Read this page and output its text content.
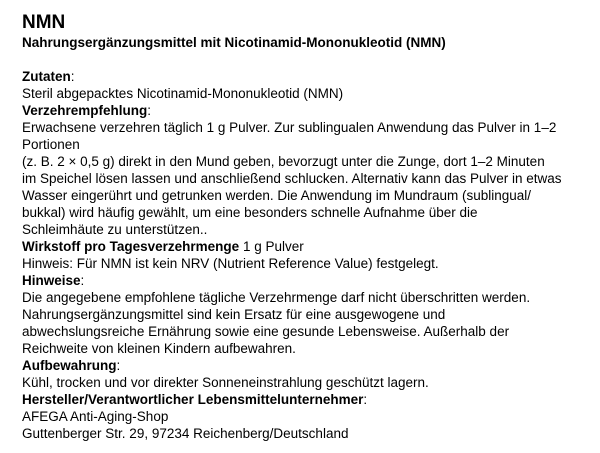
NMN
Nahrungsergänzungsmittel mit Nicotinamid-Mononukleotid (NMN)
Zutaten:
Steril abgepacktes Nicotinamid-Mononukleotid (NMN)
Verzehrempfehlung:
Erwachsene verzehren täglich 1 g Pulver. Zur sublingualen Anwendung das Pulver in 1–2
Portionen
(z. B. 2 × 0,5 g) direkt in den Mund geben, bevorzugt unter die Zunge, dort 1–2 Minuten
im Speichel lösen lassen und anschließend schlucken. Alternativ kann das Pulver in etwas
Wasser eingerührt und getrunken werden. Die Anwendung im Mundraum (sublingual/
bukkal) wird häufig gewählt, um eine besonders schnelle Aufnahme über die
Schleimhäute zu unterstützen..
Wirkstoff pro Tagesverzehrmenge 1 g Pulver
Hinweis: Für NMN ist kein NRV (Nutrient Reference Value) festgelegt.
Hinweise:
Die angegebene empfohlene tägliche Verzehrmenge darf nicht überschritten werden.
Nahrungsergänzungsmittel sind kein Ersatz für eine ausgewogene und
abwechslungsreiche Ernährung sowie eine gesunde Lebensweise. Außerhalb der
Reichweite von kleinen Kindern aufbewahren.
Aufbewahrung:
Kühl, trocken und vor direkter Sonneneinstrahlung geschützt lagern.
Hersteller/Verantwortlicher Lebensmittelunternehmer:
AFEGA Anti-Aging-Shop
Guttenberger Str. 29, 97234 Reichenberg/Deutschland
